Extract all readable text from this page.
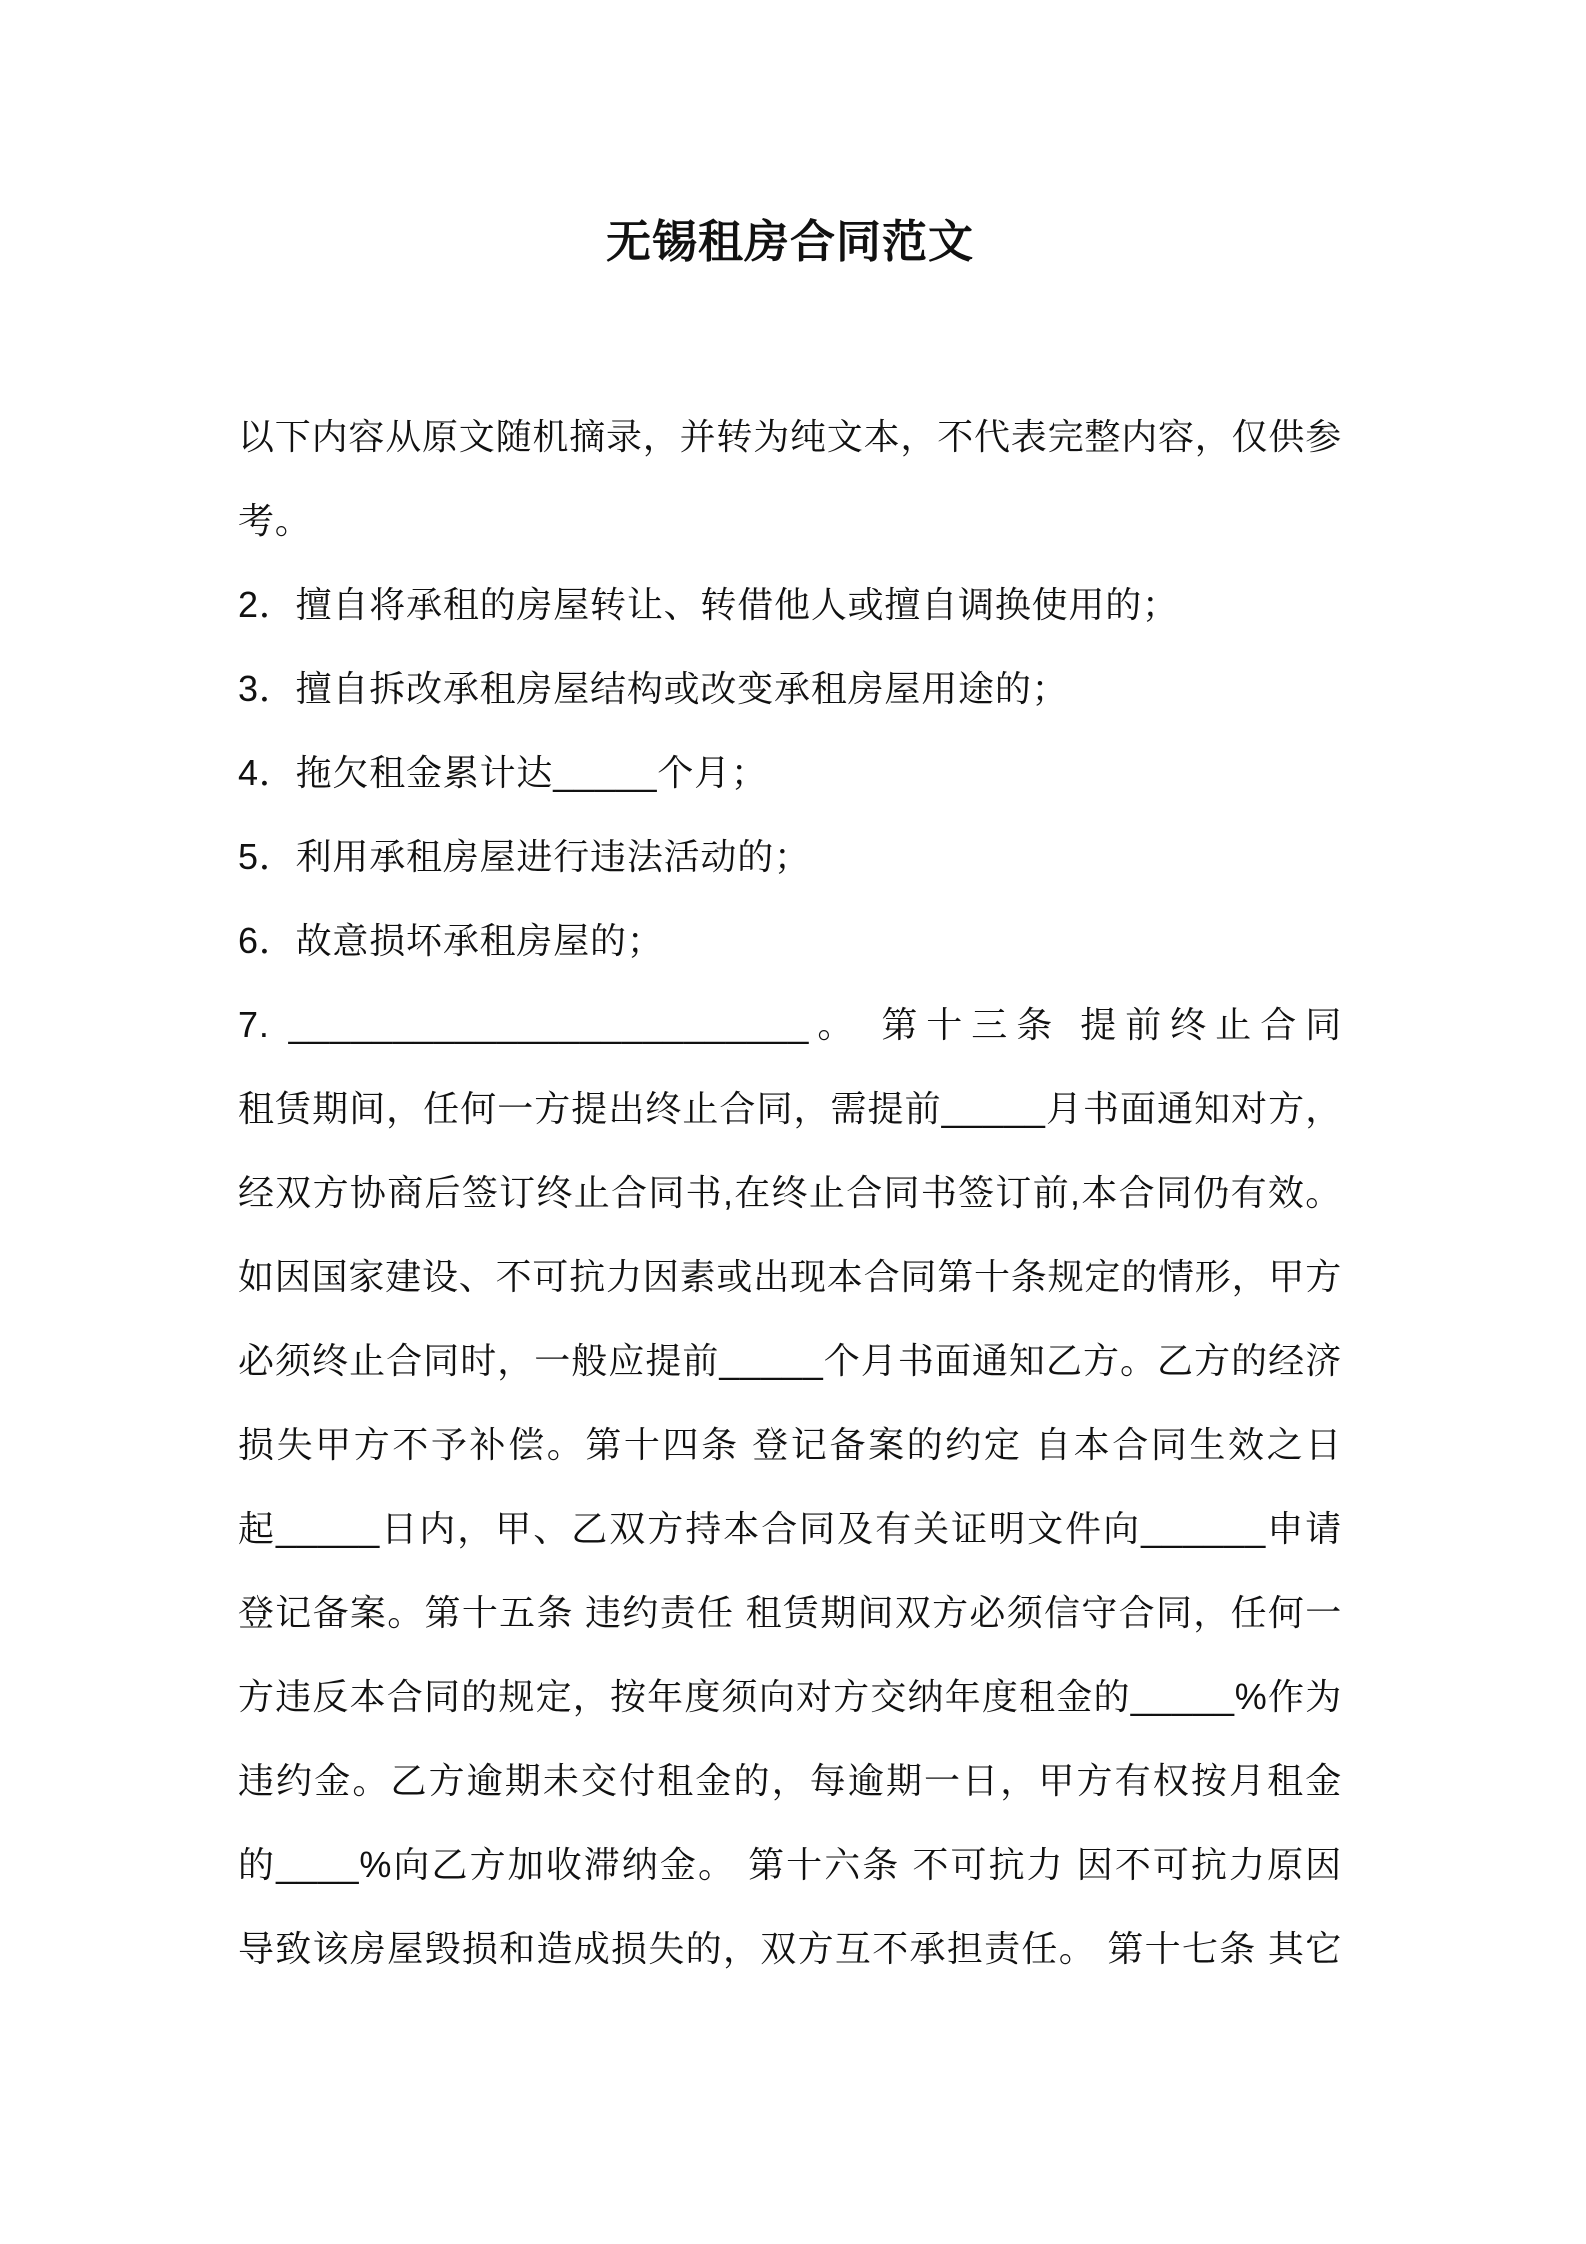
无锡租房合同范文
以下内容从原文随机摘录，并转为纯文本，不代表完整内容，仅供参
考。
2．擅自将承租的房屋转让、转借他人或擅自调换使用的；
3．擅自拆改承租房屋结构或改变承租房屋用途的；
4．拖欠租金累计达_____个月；
5．利用承租房屋进行违法活动的；
6．故意损坏承租房屋的；
7. _________________________。 第十三条 提前终止合同
租赁期间，任何一方提出终止合同，需提前_____月书面通知对方，
经双方协商后签订终止合同书,在终止合同书签订前,本合同仍有效。
如因国家建设、不可抗力因素或出现本合同第十条规定的情形，甲方
必须终止合同时，一般应提前_____个月书面通知乙方。乙方的经济
损失甲方不予补偿。第十四条 登记备案的约定 自本合同生效之日
起_____日内，甲、乙双方持本合同及有关证明文件向______申请
登记备案。第十五条 违约责任 租赁期间双方必须信守合同，任何一
方违反本合同的规定，按年度须向对方交纳年度租金的_____%作为
违约金。乙方逾期未交付租金的，每逾期一日，甲方有权按月租金
的____%向乙方加收滞纳金。 第十六条 不可抗力 因不可抗力原因
导致该房屋毁损和造成损失的，双方互不承担责任。 第十七条 其它
